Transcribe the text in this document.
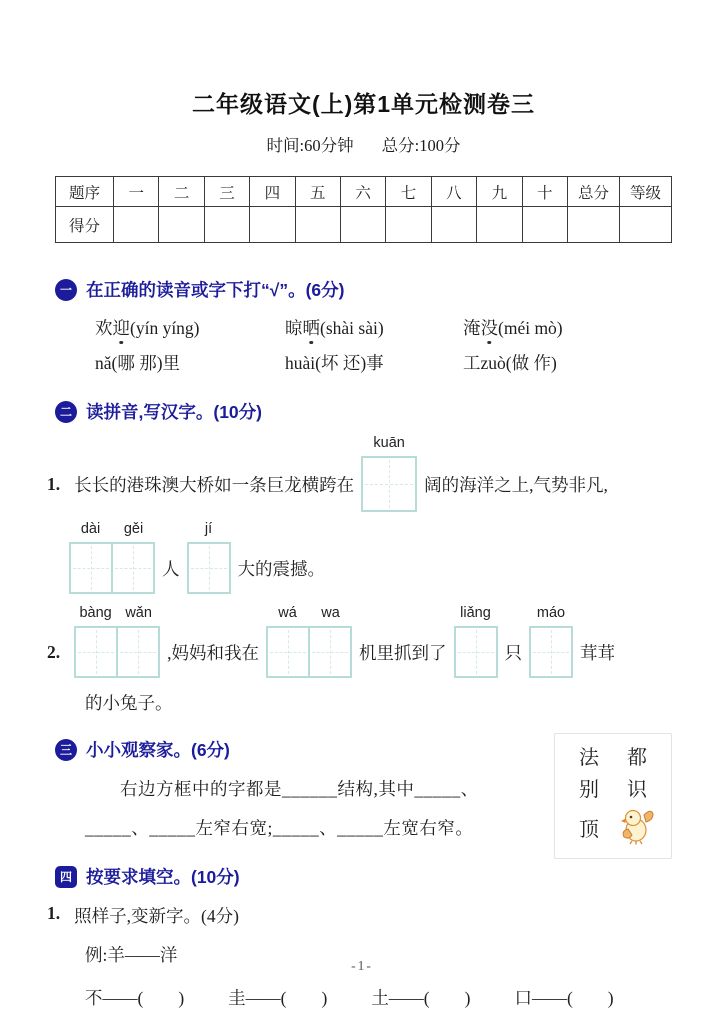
二年级语文(上)第1单元检测卷三
时间:60分钟 总分:100分
题序	一	二	三	四	五	六	七	八	九	十	总分	等级
得分												
一 在正确的读音或字下打“√”。(6分)
欢迎(yín yíng)	晾晒(shài sài)	淹没(méi mò)
nǎ(哪 那)里	huài(坏 还)事	工zuò(做 作)
二 读拼音,写汉字。(10分)
1. 长长的港珠澳大桥如一条巨龙横跨在
kuān
阔的海洋之上,气势非凡,
dài	gěi
人
jí
大的震撼。
2.
bàng wǎn
,妈妈和我在
wá	wa
机里抓到了
liǎng
只
máo
茸茸
的小兔子。
三 小小观察家。(6分)
右边方框中的字都是______结构,其中_____、
_____、_____左窄右宽;_____、_____左宽右窄。
法 都
别 识
顶
四 按要求填空。(10分)
1. 照样子,变新字。(4分)
例:羊——洋
不——(　　)	圭——(　　)	土——(　　)	口——(　　)
-1-
